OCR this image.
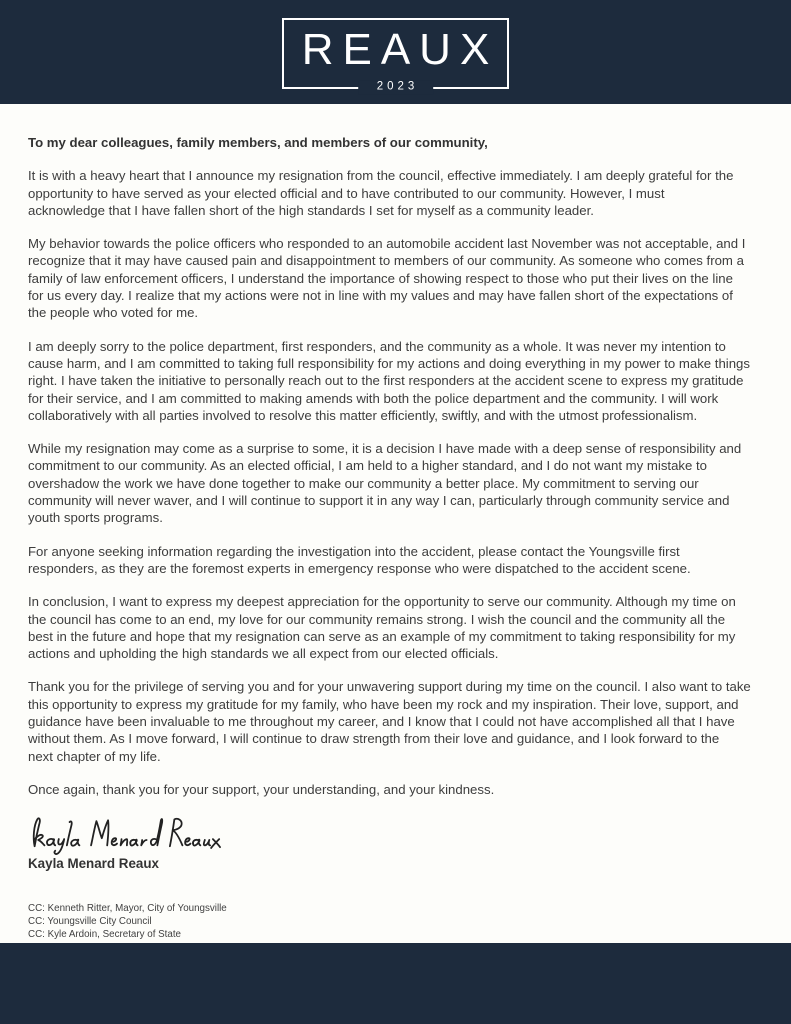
REAUX
2023

To my dear colleagues, family members, and members of our community,

It is with a heavy heart that I announce my resignation from the council, effective immediately. I am deeply grateful for the
opportunity to have served as your elected official and to have contributed to our community. However, I must
acknowledge that I have fallen short of the high standards I set for myself as a community leader.

My behavior towards the police officers who responded to an automobile accident last November was not acceptable, and I
recognize that it may have caused pain and disappointment to members of our community. As someone who comes from a
family of law enforcement officers, I understand the importance of showing respect to those who put their lives on the line
for us every day. I realize that my actions were not in line with my values and may have fallen short of the expectations of
the people who voted for me.

I am deeply sorry to the police department, first responders, and the community as a whole. It was never my intention to
cause harm, and I am committed to taking full responsibility for my actions and doing everything in my power to make things
right. I have taken the initiative to personally reach out to the first responders at the accident scene to express my gratitude
for their service, and I am committed to making amends with both the police department and the community. I will work
collaboratively with all parties involved to resolve this matter efficiently, swiftly, and with the utmost professionalism.

While my resignation may come as a surprise to some, it is a decision I have made with a deep sense of responsibility and
commitment to our community. As an elected official, I am held to a higher standard, and I do not want my mistake to
overshadow the work we have done together to make our community a better place. My commitment to serving our
community will never waver, and I will continue to support it in any way I can, particularly through community service and
youth sports programs.

For anyone seeking information regarding the investigation into the accident, please contact the Youngsville first
responders, as they are the foremost experts in emergency response who were dispatched to the accident scene.

In conclusion, I want to express my deepest appreciation for the opportunity to serve our community. Although my time on
the council has come to an end, my love for our community remains strong. I wish the council and the community all the
best in the future and hope that my resignation can serve as an example of my commitment to taking responsibility for my
actions and upholding the high standards we all expect from our elected officials.

Thank you for the privilege of serving you and for your unwavering support during my time on the council. I also want to take
this opportunity to express my gratitude for my family, who have been my rock and my inspiration. Their love, support, and
guidance have been invaluable to me throughout my career, and I know that I could not have accomplished all that I have
without them. As I move forward, I will continue to draw strength from their love and guidance, and I look forward to the
next chapter of my life.

Once again, thank you for your support, your understanding, and your kindness.

Kayla Menard Reaux
CC: Kenneth Ritter, Mayor, City of Youngsville
CC: Youngsville City Council
CC: Kyle Ardoin, Secretary of State
